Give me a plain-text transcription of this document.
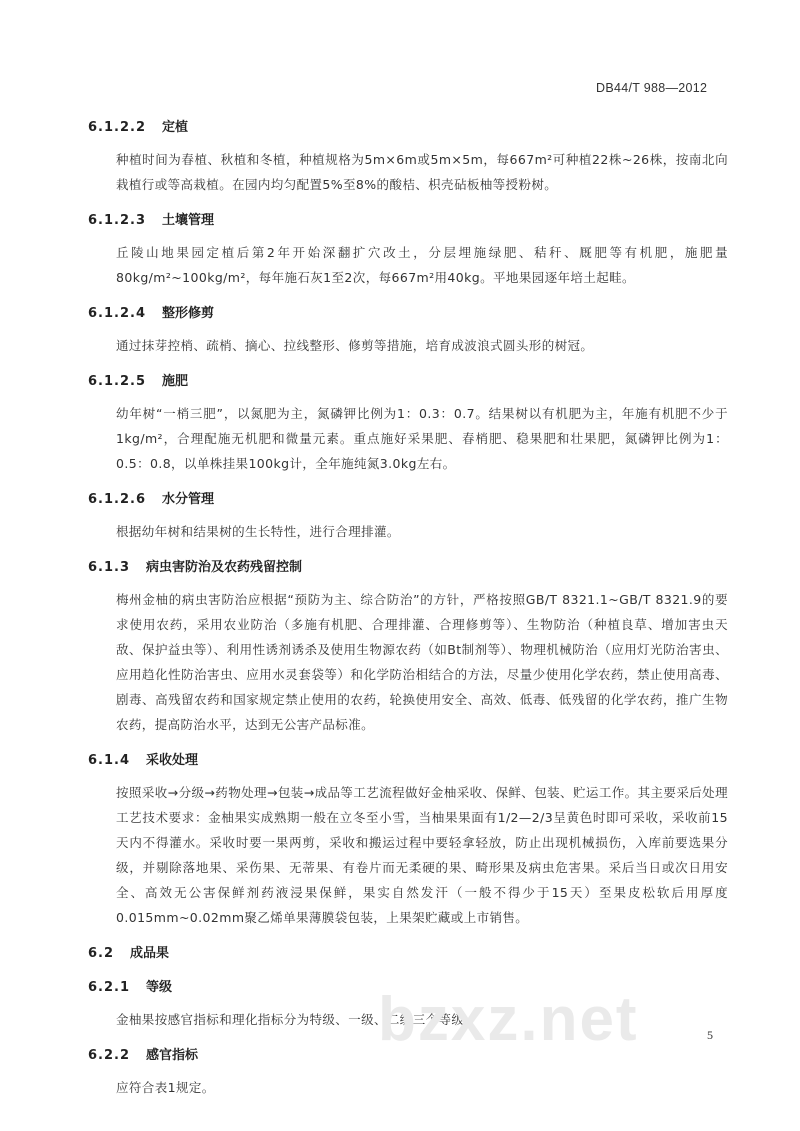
DB44/T 988—2012
6.1.2.2 定植

种植时间为春植、秋植和冬植，种植规格为5m×6m或5m×5m，每667m²可种植22株~26株，按南北向栽植行或等高栽植。在园内均匀配置5%至8%的酸桔、枳壳砧板柚等授粉树。

6.1.2.3 土壤管理

丘陵山地果园定植后第2年开始深翻扩穴改土，分层埋施绿肥、秸秆、厩肥等有机肥，施肥量80kg/m²~100kg/m²，每年施石灰1至2次，每667m²用40kg。平地果园逐年培土起畦。

6.1.2.4 整形修剪

通过抹芽控梢、疏梢、摘心、拉线整形、修剪等措施，培育成波浪式圆头形的树冠。

6.1.2.5 施肥

幼年树“一梢三肥”，以氮肥为主，氮磷钾比例为1：0.3：0.7。结果树以有机肥为主，年施有机肥不少于1kg/m²，合理配施无机肥和微量元素。重点施好采果肥、春梢肥、稳果肥和壮果肥，氮磷钾比例为1：0.5：0.8，以单株挂果100kg计，全年施纯氮3.0kg左右。

6.1.2.6 水分管理

根据幼年树和结果树的生长特性，进行合理排灌。

6.1.3 病虫害防治及农药残留控制

梅州金柚的病虫害防治应根据“预防为主、综合防治”的方针，严格按照GB/T 8321.1~GB/T 8321.9的要求使用农药，采用农业防治（多施有机肥、合理排灌、合理修剪等）、生物防治（种植良草、增加害虫天敌、保护益虫等）、利用性诱剂诱杀及使用生物源农药（如Bt制剂等）、物理机械防治（应用灯光防治害虫、应用趋化性防治害虫、应用水灵套袋等）和化学防治相结合的方法，尽量少使用化学农药，禁止使用高毒、剧毒、高残留农药和国家规定禁止使用的农药，轮换使用安全、高效、低毒、低残留的化学农药，推广生物农药，提高防治水平，达到无公害产品标准。

6.1.4 采收处理

按照采收→分级→药物处理→包装→成品等工艺流程做好金柚采收、保鲜、包装、贮运工作。其主要采后处理工艺技术要求：金柚果实成熟期一般在立冬至小雪，当柚果果面有1/2—2/3呈黄色时即可采收，采收前15天内不得灌水。采收时要一果两剪，采收和搬运过程中要轻拿轻放，防止出现机械损伤，入库前要选果分级，并剔除落地果、采伤果、无蒂果、有卷片而无柔硬的果、畸形果及病虫危害果。采后当日或次日用安全、高效无公害保鲜剂药液浸果保鲜，果实自然发汗（一般不得少于15天）至果皮松软后用厚度0.015mm~0.02mm聚乙烯单果薄膜袋包装，上果架贮藏或上市销售。

6.2 成品果
6.2.1 等级

金柚果按感官指标和理化指标分为特级、一级、二级三个等级。

6.2.2 感官指标

应符合表1规定。

5
bzxz.net
